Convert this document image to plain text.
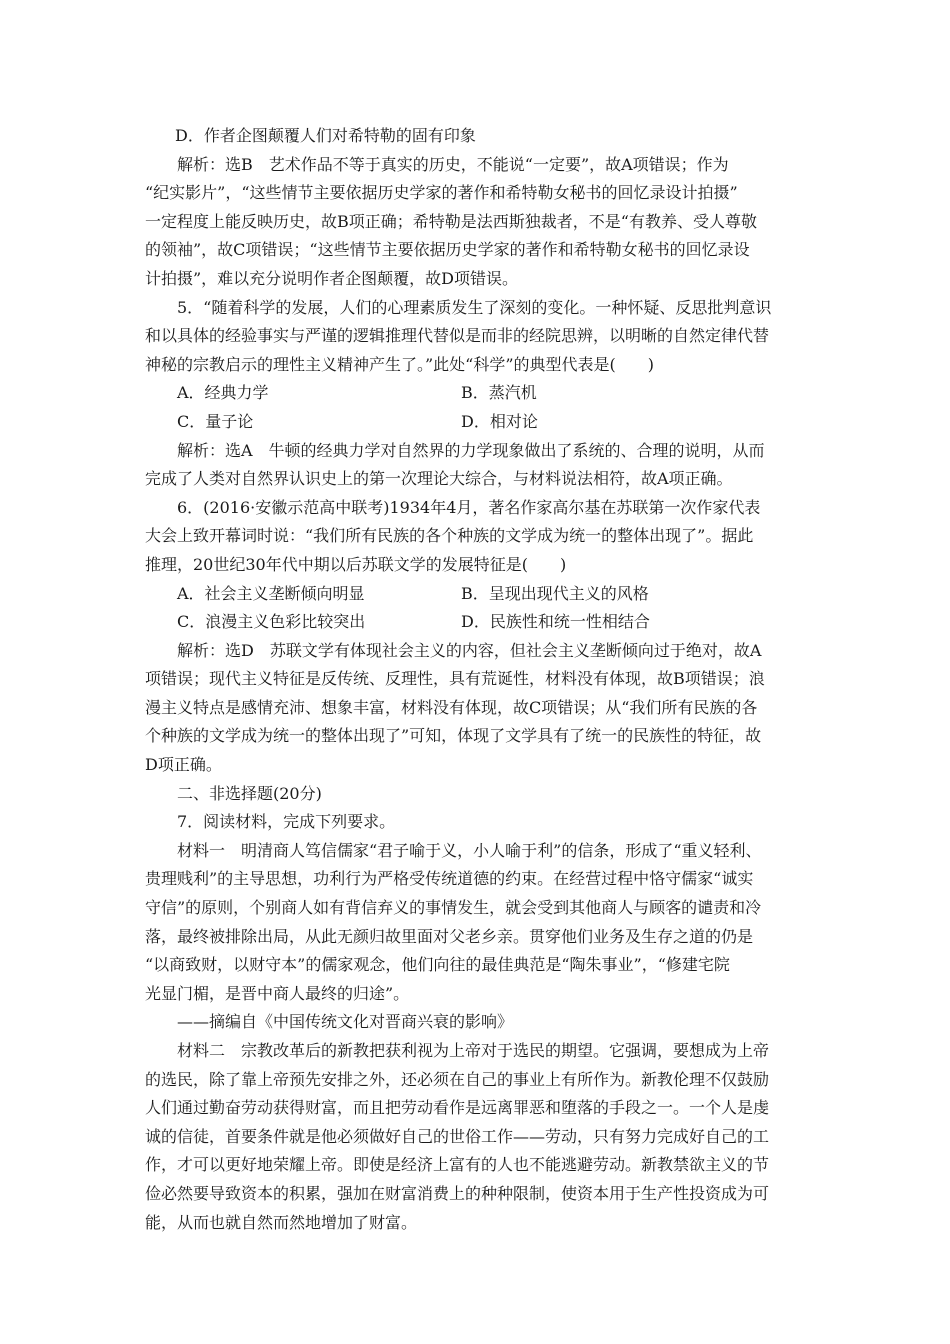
D．作者企图颠覆人们对希特勒的固有印象

解析：选B　艺术作品不等于真实的历史，不能说“一定要”，故A项错误；作为

“纪实影片”，“这些情节主要依据历史学家的著作和希特勒女秘书的回忆录设计拍摄”

一定程度上能反映历史，故B项正确；希特勒是法西斯独裁者，不是“有教养、受人尊敬

的领袖”，故C项错误；“这些情节主要依据历史学家的著作和希特勒女秘书的回忆录设

计拍摄”，难以充分说明作者企图颠覆，故D项错误。

5．“随着科学的发展，人们的心理素质发生了深刻的变化。一种怀疑、反思批判意识

和以具体的经验事实与严谨的逻辑推理代替似是而非的经院思辨，以明晰的自然定律代替

神秘的宗教启示的理性主义精神产生了。”此处“科学”的典型代表是(　　)

A．经典力学	B．蒸汽机
C．量子论	D．相对论

解析：选A　牛顿的经典力学对自然界的力学现象做出了系统的、合理的说明，从而

完成了人类对自然界认识史上的第一次理论大综合，与材料说法相符，故A项正确。

6．(2016·安徽示范高中联考)1934年4月，著名作家高尔基在苏联第一次作家代表

大会上致开幕词时说：“我们所有民族的各个种族的文学成为统一的整体出现了”。据此

推理，20世纪30年代中期以后苏联文学的发展特征是(　　)

A．社会主义垄断倾向明显	B．呈现出现代主义的风格
C．浪漫主义色彩比较突出	D．民族性和统一性相结合

解析：选D　苏联文学有体现社会主义的内容，但社会主义垄断倾向过于绝对，故A

项错误；现代主义特征是反传统、反理性，具有荒诞性，材料没有体现，故B项错误；浪

漫主义特点是感情充沛、想象丰富，材料没有体现，故C项错误；从“我们所有民族的各

个种族的文学成为统一的整体出现了”可知，体现了文学具有了统一的民族性的特征，故

D项正确。

二、非选择题(20分)

7．阅读材料，完成下列要求。

材料一　明清商人笃信儒家“君子喻于义，小人喻于利”的信条，形成了“重义轻利、

贵理贱利”的主导思想，功利行为严格受传统道德的约束。在经营过程中恪守儒家“诚实

守信”的原则，个别商人如有背信弃义的事情发生，就会受到其他商人与顾客的谴责和冷

落，最终被排除出局，从此无颜归故里面对父老乡亲。贯穿他们业务及生存之道的仍是

“以商致财，以财守本”的儒家观念，他们向往的最佳典范是“陶朱事业”，“修建宅院

光显门楣，是晋中商人最终的归途”。

——摘编自《中国传统文化对晋商兴衰的影响》

材料二　宗教改革后的新教把获利视为上帝对于选民的期望。它强调，要想成为上帝

的选民，除了靠上帝预先安排之外，还必须在自己的事业上有所作为。新教伦理不仅鼓励

人们通过勤奋劳动获得财富，而且把劳动看作是远离罪恶和堕落的手段之一。一个人是虔

诚的信徒，首要条件就是他必须做好自己的世俗工作——劳动，只有努力完成好自己的工

作，才可以更好地荣耀上帝。即使是经济上富有的人也不能逃避劳动。新教禁欲主义的节

俭必然要导致资本的积累，强加在财富消费上的种种限制，使资本用于生产性投资成为可

能，从而也就自然而然地增加了财富。
